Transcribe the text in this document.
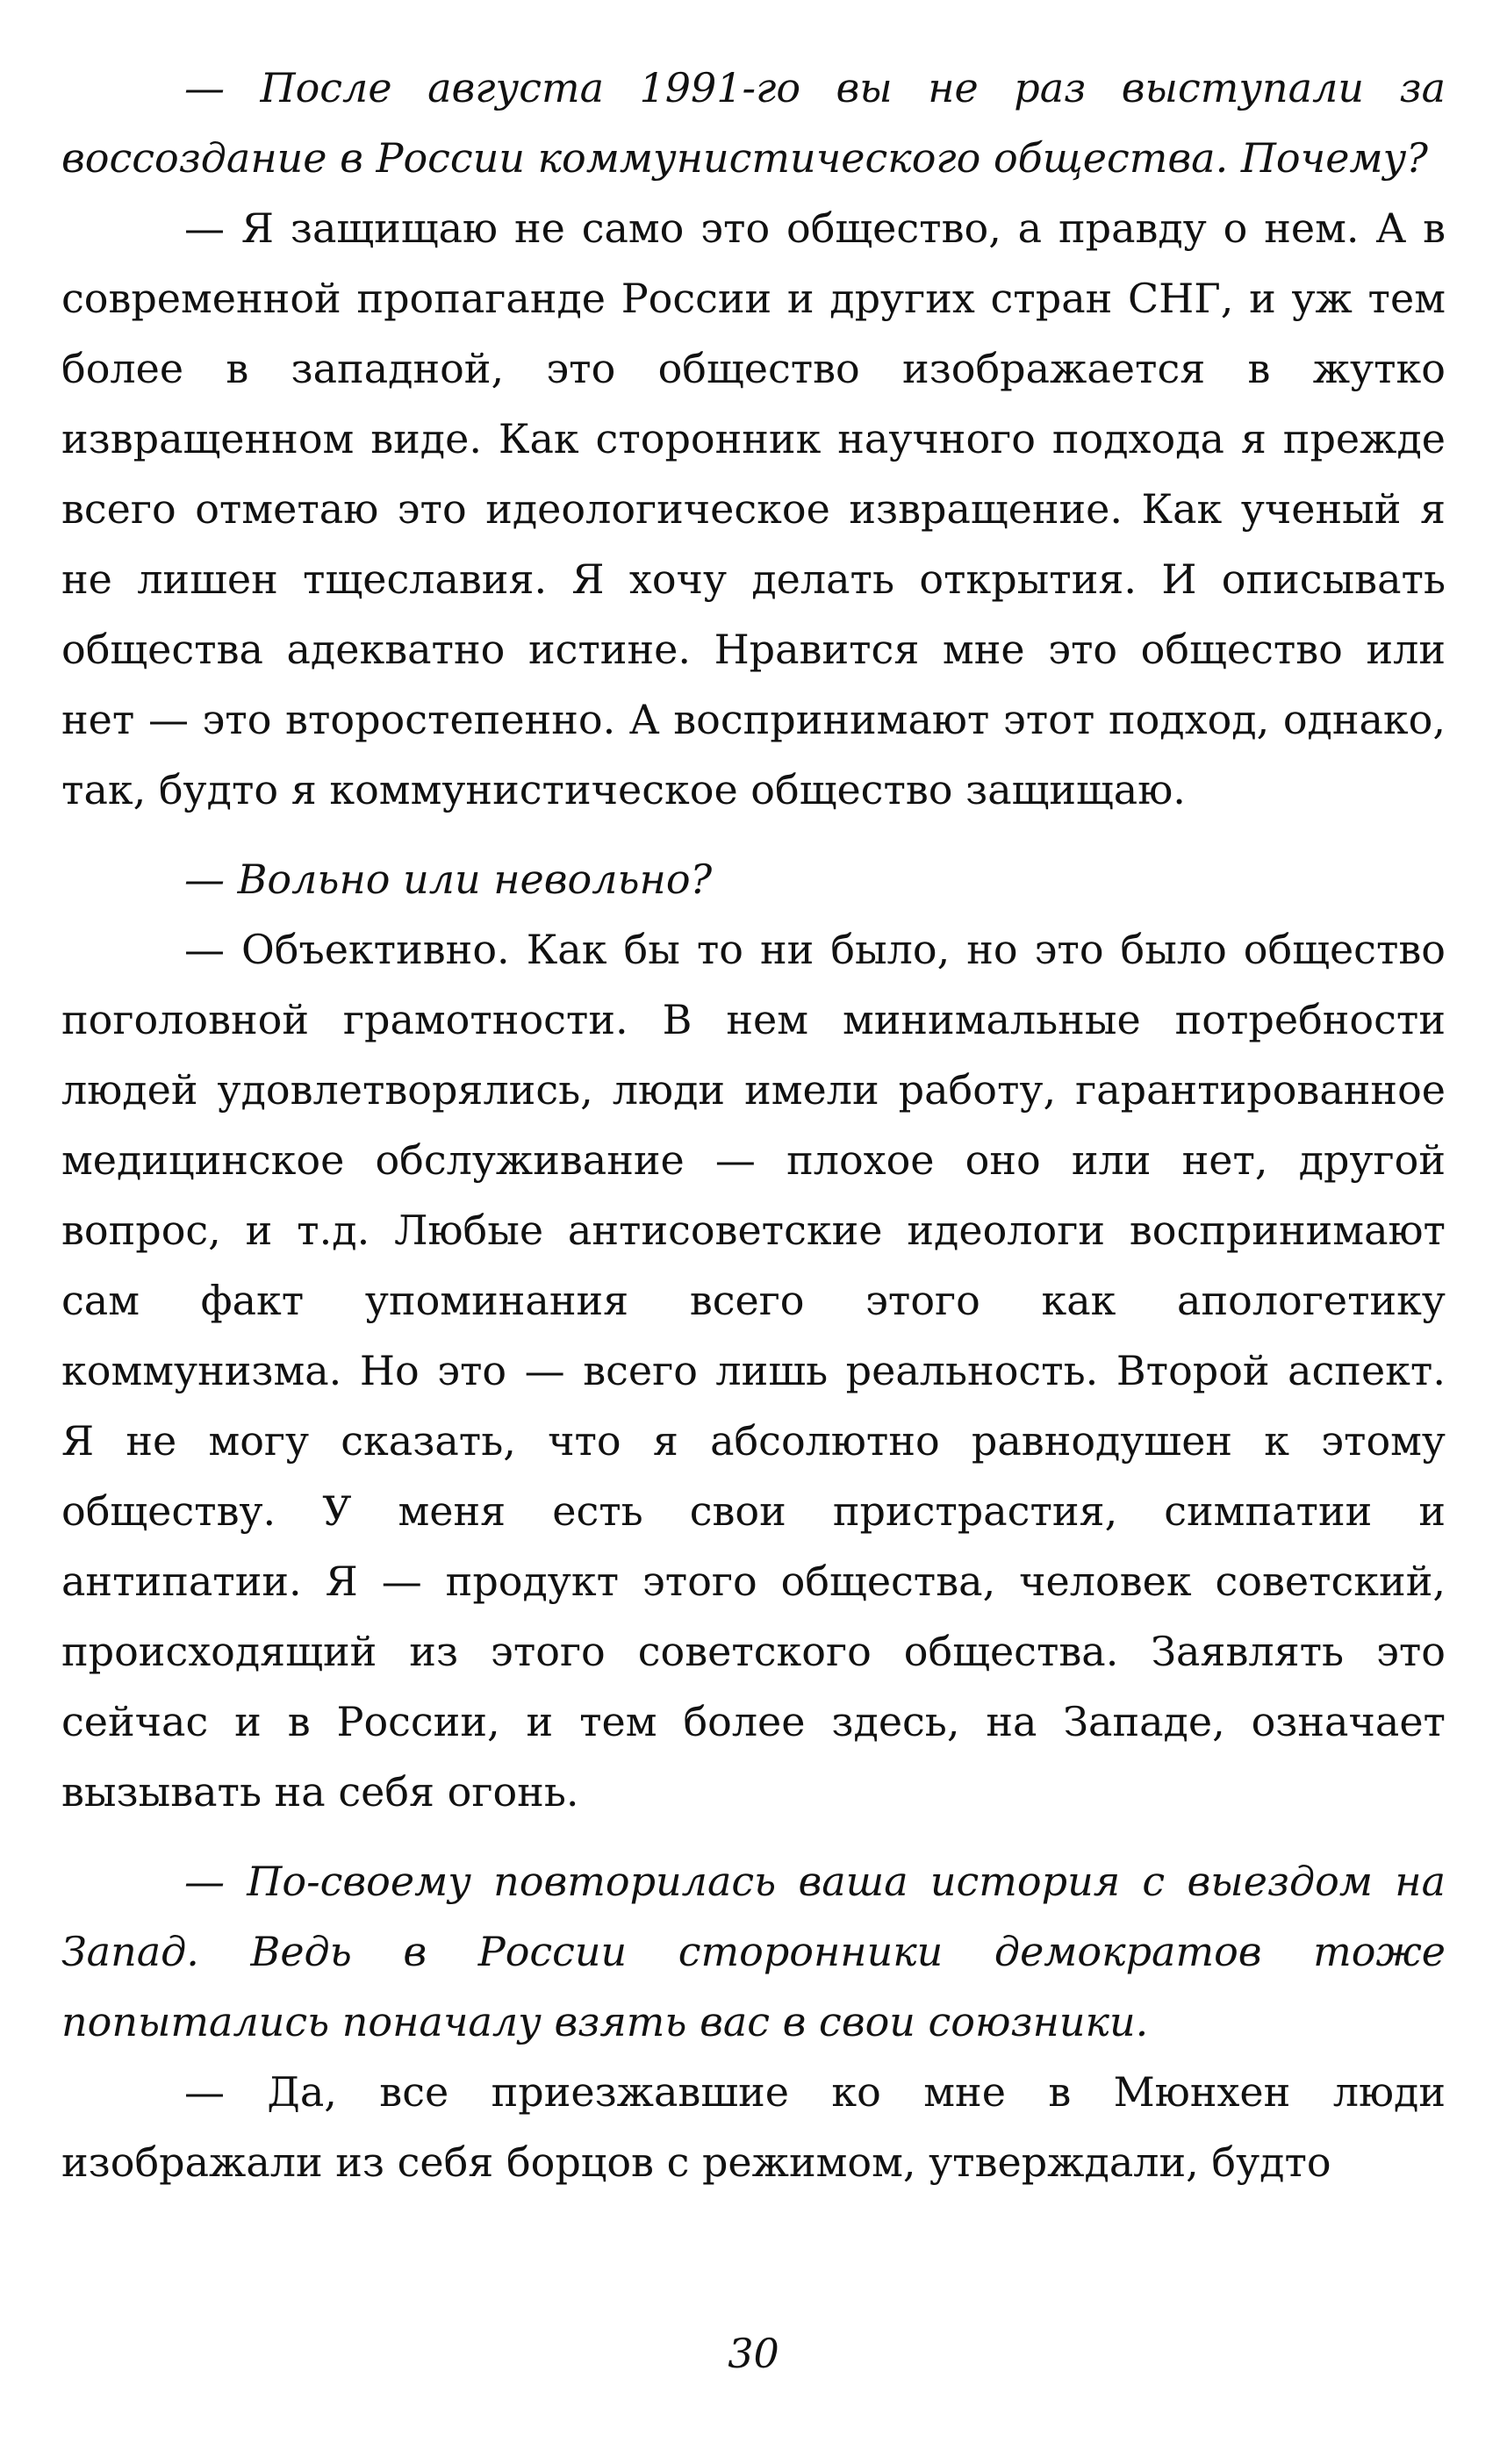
— После августа 1991-го вы не раз выступали за воссоздание в России коммунистического общества. Почему?

— Я защищаю не само это общество, а правду о нем. А в современной пропаганде России и других стран СНГ, и уж тем более в западной, это общество изображается в жутко извращенном виде. Как сторонник научного подхода я прежде всего отметаю это идеологическое извращение. Как ученый я не лишен тщеславия. Я хочу делать открытия. И описывать общества адекватно истине. Нравится мне это общество или нет — это второстепенно. А воспринимают этот подход, однако, так, будто я коммунистическое общество защищаю.

— Вольно или невольно?

— Объективно. Как бы то ни было, но это было общество поголовной грамотности. В нем минимальные потребности людей удовлетворялись, люди имели работу, гарантированное медицинское обслуживание — плохое оно или нет, другой вопрос, и т.д. Любые антисоветские идеологи воспринимают сам факт упоминания всего этого как апологетику коммунизма. Но это — всего лишь реальность. Второй аспект. Я не могу сказать, что я абсолютно равнодушен к этому обществу. У меня есть свои пристрастия, симпатии и антипатии. Я — продукт этого общества, человек советский, происходящий из этого советского общества. Заявлять это сейчас и в России, и тем более здесь, на Западе, означает вызывать на себя огонь.

— По-своему повторилась ваша история с выездом на Запад. Ведь в России сторонники демократов тоже попытались поначалу взять вас в свои союзники.

— Да, все приезжавшие ко мне в Мюнхен люди изображали из себя борцов с режимом, утверждали, будто

30
